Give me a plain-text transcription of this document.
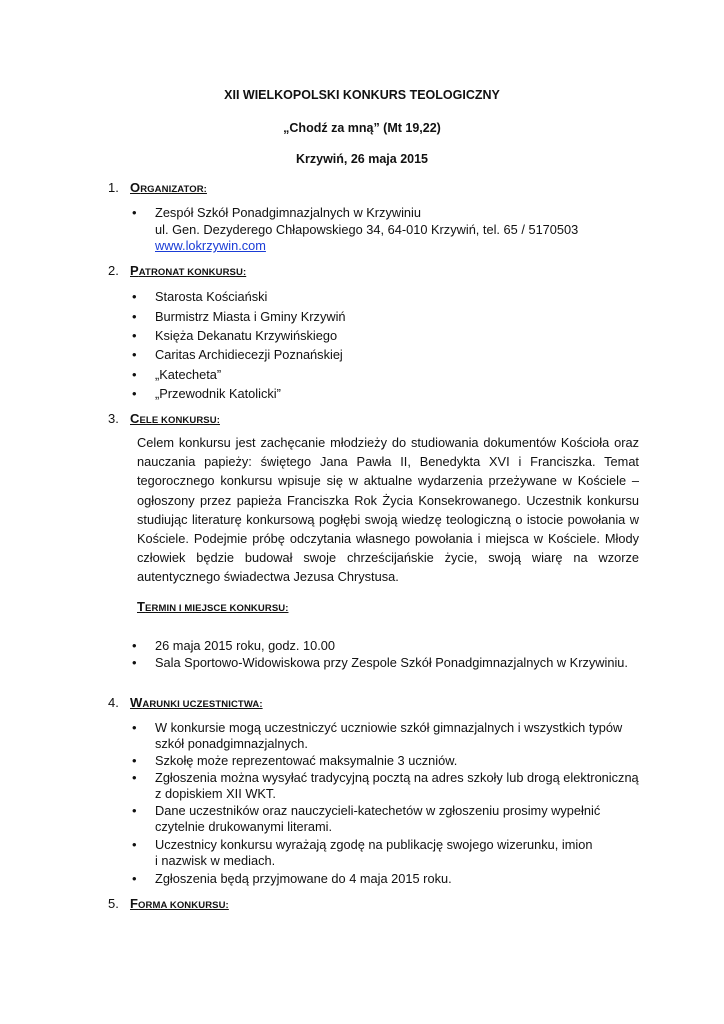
XII WIELKOPOLSKI KONKURS TEOLOGICZNY
„Chodź za mną” (Mt 19,22)
Krzywiń, 26 maja 2015
1. ORGANIZATOR:
• Zespół Szkół Ponadgimnazjalnych w Krzywiniu
ul. Gen. Dezyderego Chłapowskiego 34, 64-010 Krzywiń, tel. 65 / 5170503
www.lokrzywin.com
2. PATRONAT KONKURSU:
• Starosta Kościański
• Burmistrz Miasta i Gminy Krzywiń
• Księża Dekanatu Krzywińskiego
• Caritas Archidiecezji Poznańskiej
• „Katecheta”
• „Przewodnik Katolicki”
3. CELE KONKURSU:
Celem konkursu jest zachęcanie młodzieży do studiowania dokumentów Kościoła oraz nauczania papieży: świętego Jana Pawła II, Benedykta XVI i Franciszka. Temat tegorocznego konkursu wpisuje się w aktualne wydarzenia przeżywane w Kościele – ogłoszony przez papieża Franciszka Rok Życia Konsekrowanego. Uczestnik konkursu studiując literaturę konkursową pogłębi swoją wiedzę teologiczną o istocie powołania w Kościele. Podejmie próbę odczytania własnego powołania i miejsca w Kościele. Młody człowiek będzie budował swoje chrześcijańskie życie, swoją wiarę na wzorze autentycznego świadectwa Jezusa Chrystusa.
TERMIN I MIEJSCE KONKURSU:
• 26 maja 2015 roku, godz. 10.00
• Sala Sportowo-Widowiskowa przy Zespole Szkół Ponadgimnazjalnych w Krzywiniu.
4. WARUNKI UCZESTNICTWA:
• W konkursie mogą uczestniczyć uczniowie szkół gimnazjalnych i wszystkich typów
szkół ponadgimnazjalnych.
• Szkołę może reprezentować maksymalnie 3 uczniów.
• Zgłoszenia można wysyłać tradycyjną pocztą na adres szkoły lub drogą elektroniczną
z dopiskiem XII WKT.
• Dane uczestników oraz nauczycieli-katechetów w zgłoszeniu prosimy wypełnić
czytelnie drukowanymi literami.
• Uczestnicy konkursu wyrażają zgodę na publikację swojego wizerunku, imion
i nazwisk w mediach.
• Zgłoszenia będą przyjmowane do 4 maja 2015 roku.
5. FORMA KONKURSU:
